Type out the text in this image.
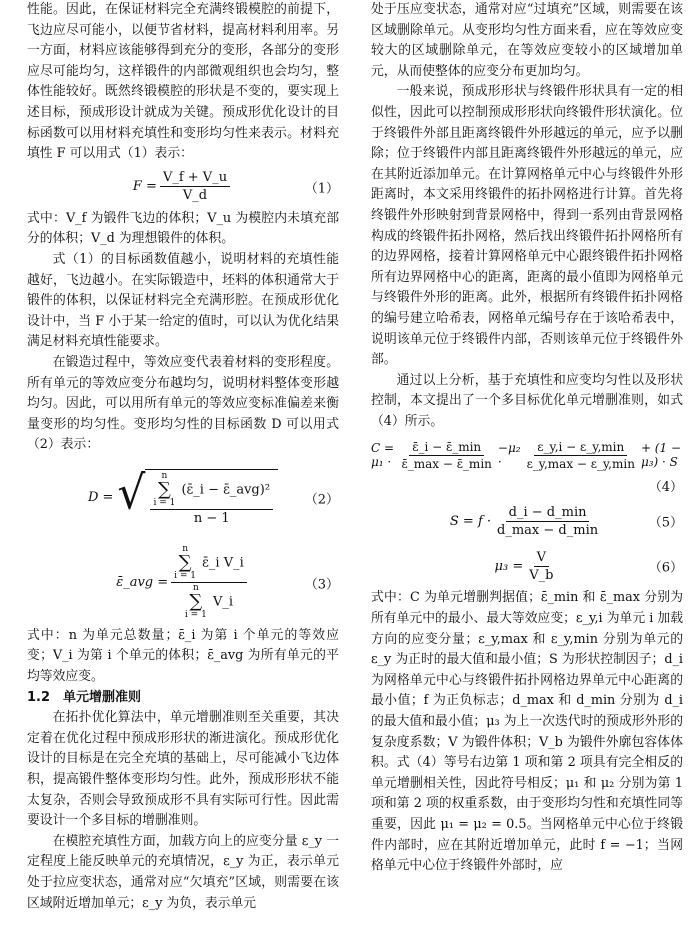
性能。因此，在保证材料完全充满终锻模腔的前提下，飞边应尽可能小，以便节省材料，提高材料利用率。另一方面，材料应该能够得到充分的变形，各部分的变形应尽可能均匀，这样锻件的内部微观组织也会均匀，整体性能较好。既然终锻模腔的形状是不变的，要实现上述目标，预成形设计就成为关键。预成形优化设计的目标函数可以用材料充填性和变形均匀性来表示。材料充填性 F 可以用式（1）表示：

$F = \frac{V\_f + V\_u}{V\_d}$	（1）

式中：V_f 为锻件飞边的体积；V_u 为模腔内未填充部分的体积；V_d 为理想锻件的体积。

式（1）的目标函数值越小，说明材料的充填性能越好，飞边越小。在实际锻造中，坯料的体积通常大于锻件的体积，以保证材料完全充满形腔。在预成形优化设计中，当 F 小于某一给定的值时，可以认为优化结果满足材料充填性能要求。

在锻造过程中，等效应变代表着材料的变形程度。所有单元的等效应变分布越均匀，说明材料整体变形越均匀。因此，可以用所有单元的等效应变标准偏差来衡量变形的均匀性。变形均匀性的目标函数 D 可以用式（2）表示：

D = √ n
∑
i = 1
(ε̄_i − ε̄_avg)²
n − 1
（2）
ε̄_avg = n
∑
i = 1
ε̄_i V_i
n
∑
i = 1
V_i	（3）

式中：n 为单元总数量；ε̄_i 为第 i 个单元的等效应变；V_i 为第 i 个单元的体积；ε̄_avg 为所有单元的平均等效应变。

1.2　单元增删准则

在拓扑优化算法中，单元增删准则至关重要，其决定着在优化过程中预成形形状的渐进演化。预成形优化设计的目标是在完全充填的基础上，尽可能减小飞边体积，提高锻件整体变形均匀性。此外，预成形形状不能太复杂，否则会导致预成形不具有实际可行性。因此需要设计一个多目标的增删准则。

在模腔充填性方面，加载方向上的应变分量 ε_y 一定程度上能反映单元的充填情况，ε_y 为正，表示单元处于拉应变状态，通常对应“欠填充”区域，则需要在该区域附近增加单元；ε_y 为负，表示单元

处于压应变状态，通常对应“过填充”区域，则需要在该区域删除单元。从变形均匀性方面来看，应在等效应变较大的区域删除单元，在等效应变较小的区域增加单元，从而使整体的应变分布更加均匀。

一般来说，预成形形状与终锻件形状具有一定的相似性，因此可以控制预成形形状向终锻件形状演化。位于终锻件外部且距离终锻件外形越远的单元，应予以删除；位于终锻件内部且距离终锻件外形越远的单元，应在其附近添加单元。在计算网格单元中心与终锻件外形距离时，本文采用终锻件的拓扑网格进行计算。首先将终锻件外形映射到背景网格中，得到一系列由背景网格构成的终锻件拓扑网格，然后找出终锻件拓扑网格所有的边界网格，接着计算网格单元中心跟终锻件拓扑网格所有边界网格中心的距离，距离的最小值即为网格单元与终锻件外形的距离。此外，根据所有终锻件拓扑网格的编号建立哈希表，网格单元编号存在于该哈希表中，说明该单元位于终锻件内部，否则该单元位于终锻件外部。

通过以上分析，基于充填性和应变均匀性以及形状控制，本文提出了一个多目标优化单元增删准则，如式（4）所示。

$C = \mu_1 \cdot \frac{\varepsilon̄\_i - \varepsilon̄\_\min}{\varepsilon̄\_\max - \varepsilon̄\_\min} -\mu_2$ ·	$\frac{\varepsilon\_y,i - \varepsilon\_y,\min}{\varepsilon\_y,\max - \varepsilon\_y,\min} + (1 - \mu_3) \cdot S$
（4）
$S = f \cdot \frac{d\_i - d\_\min}{d\_\max - d\_\min}$	（5）
$\mu_3 = \frac{V}{V\_b}$	（6）

式中：C 为单元增删判据值；ε̄_min 和 ε̄_max 分别为所有单元中的最小、最大等效应变；ε_y,i 为单元 i 加载方向的应变分量；ε_y,max 和 ε_y,min 分别为单元的 ε_y 为正时的最大值和最小值；S 为形状控制因子；d_i 为网格单元中心与终锻件拓扑网格边界单元中心距离的最小值；f 为正负标志；d_max 和 d_min 分别为 d_i 的最大值和最小值；μ₃ 为上一次迭代时的预成形外形的复杂度系数；V 为锻件体积；V_b 为锻件外廓包容体体积。式（4）等号右边第 1 项和第 2 项具有完全相反的单元增删相关性，因此符号相反；μ₁ 和 μ₂ 分别为第 1 项和第 2 项的权重系数，由于变形均匀性和充填性同等重要，因此 μ₁ = μ₂ = 0.5。当网格单元中心位于终锻件内部时，应在其附近增加单元，此时 f = −1；当网格单元中心位于终锻件外部时，应
